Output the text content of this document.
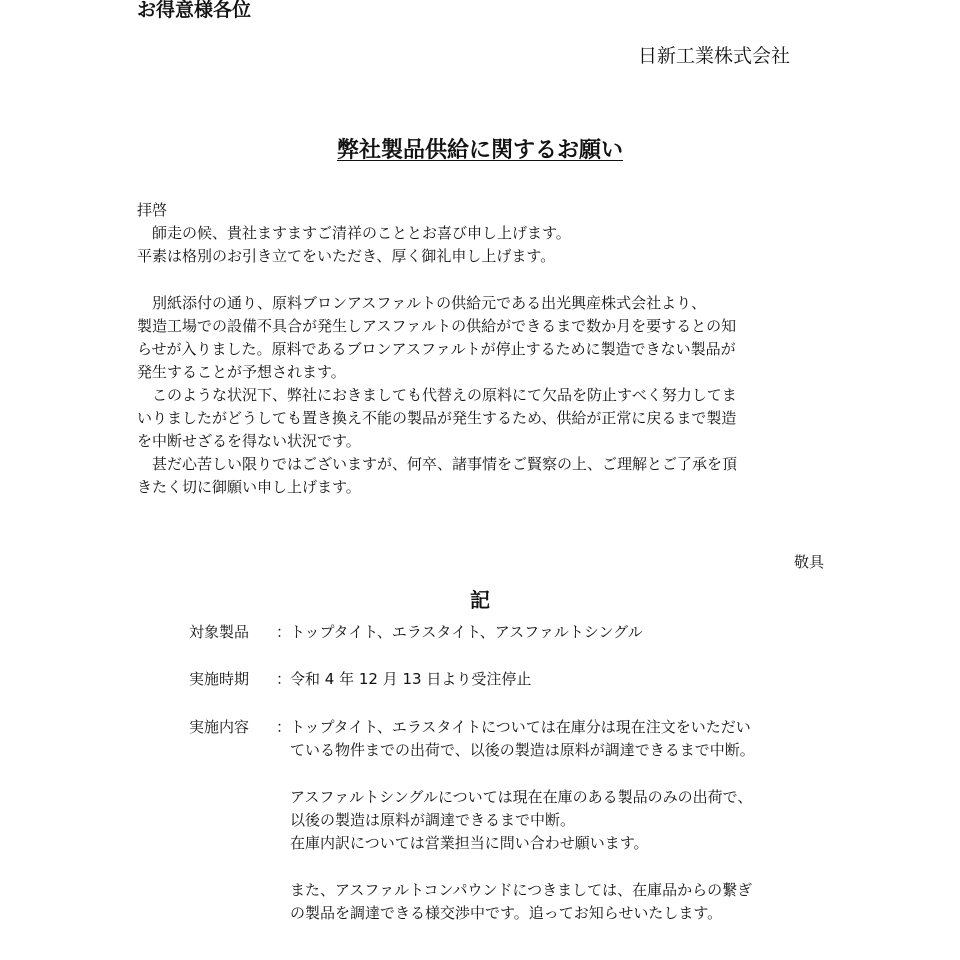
お得意様各位
日新工業株式会社
弊社製品供給に関するお願い
拝啓
　師走の候、貴社ますますご清祥のこととお喜び申し上げます。
平素は格別のお引き立てをいただき、厚く御礼申し上げます。
　別紙添付の通り、原料ブロンアスファルトの供給元である出光興産株式会社より、
製造工場での設備不具合が発生しアスファルトの供給ができるまで数か月を要するとの知
らせが入りました。原料であるブロンアスファルトが停止するために製造できない製品が
発生することが予想されます。
　このような状況下、弊社におきましても代替えの原料にて欠品を防止すべく努力してま
いりましたがどうしても置き換え不能の製品が発生するため、供給が正常に戻るまで製造
を中断せざるを得ない状況です。
　甚だ心苦しい限りではございますが、何卒、諸事情をご賢察の上、ご理解とご了承を頂
きたく切に御願い申し上げます。
敬具
記
対象製品 ：
トップタイト、エラスタイト、アスファルトシングル
実施時期 ：
令和 4 年 12 月 13 日より受注停止
実施内容 ：
トップタイト、エラスタイトについては在庫分は現在注文をいただい
ている物件までの出荷で、以後の製造は原料が調達できるまで中断。
アスファルトシングルについては現在在庫のある製品のみの出荷で、
以後の製造は原料が調達できるまで中断。
在庫内訳については営業担当に問い合わせ願います。
また、アスファルトコンパウンドにつきましては、在庫品からの繋ぎ
の製品を調達できる様交渉中です。追ってお知らせいたします。
